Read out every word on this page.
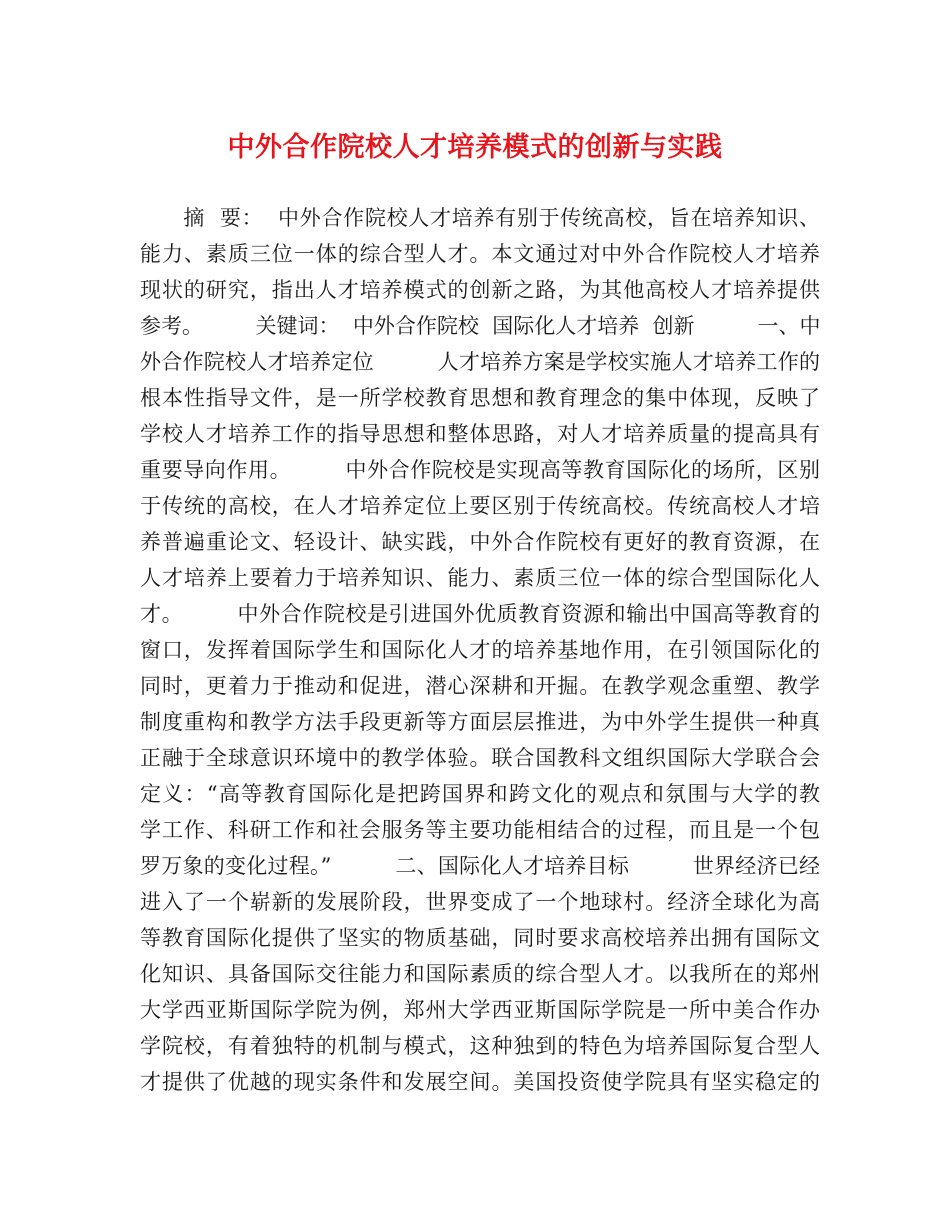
中外合作院校人才培养模式的创新与实践
　　摘  要：  中外合作院校人才培养有别于传统高校，旨在培养知识、
能力、素质三位一体的综合型人才。本文通过对中外合作院校人才培养
现状的研究，指出人才培养模式的创新之路，为其他高校人才培养提供
参考。　　　关键词：  中外合作院校  国际化人才培养  创新　　　一、中
外合作院校人才培养定位　　　人才培养方案是学校实施人才培养工作的
根本性指导文件，是一所学校教育思想和教育理念的集中体现，反映了
学校人才培养工作的指导思想和整体思路，对人才培养质量的提高具有
重要导向作用。　　　中外合作院校是实现高等教育国际化的场所，区别
于传统的高校，在人才培养定位上要区别于传统高校。传统高校人才培
养普遍重论文、轻设计、缺实践，中外合作院校有更好的教育资源，在
人才培养上要着力于培养知识、能力、素质三位一体的综合型国际化人
才。　　　中外合作院校是引进国外优质教育资源和输出中国高等教育的
窗口，发挥着国际学生和国际化人才的培养基地作用，在引领国际化的
同时，更着力于推动和促进，潜心深耕和开掘。在教学观念重塑、教学
制度重构和教学方法手段更新等方面层层推进，为中外学生提供一种真
正融于全球意识环境中的教学体验。联合国教科文组织国际大学联合会
定义：“高等教育国际化是把跨国界和跨文化的观点和氛围与大学的教
学工作、科研工作和社会服务等主要功能相结合的过程，而且是一个包
罗万象的变化过程。”　　　二、国际化人才培养目标　　　世界经济已经
进入了一个崭新的发展阶段，世界变成了一个地球村。经济全球化为高
等教育国际化提供了坚实的物质基础，同时要求高校培养出拥有国际文
化知识、具备国际交往能力和国际素质的综合型人才。以我所在的郑州
大学西亚斯国际学院为例，郑州大学西亚斯国际学院是一所中美合作办
学院校，有着独特的机制与模式，这种独到的特色为培养国际复合型人
才提供了优越的现实条件和发展空间。美国投资使学院具有坚实稳定的
